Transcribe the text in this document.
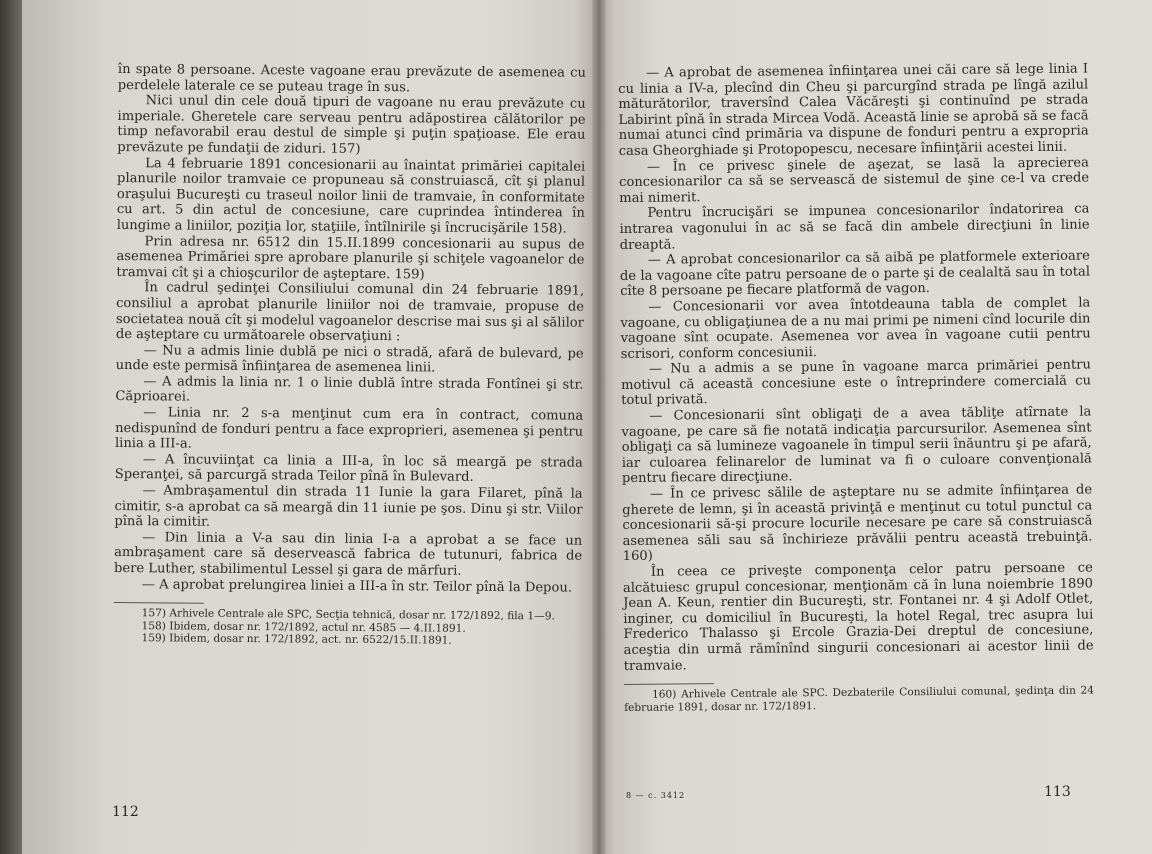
în spate 8 persoane. Aceste vagoane erau prevăzute de asemenea cu perdelele laterale ce se puteau trage în sus.

Nici unul din cele două tipuri de vagoane nu erau prevăzute cu imperiale. Gheretele care serveau pentru adăpostirea călătorilor pe timp nefavorabil erau destul de simple şi puţin spaţioase. Ele erau prevăzute pe fundaţii de ziduri. 157)

La 4 februarie 1891 concesionarii au înaintat primăriei capitalei planurile noilor tramvaie ce propuneau să construiască, cît şi planul oraşului Bucureşti cu traseul noilor linii de tramvaie, în conformitate cu art. 5 din actul de concesiune, care cuprindea întinderea în lungime a liniilor, poziţia lor, staţiile, întîlnirile şi încrucişările 158).

Prin adresa nr. 6512 din 15.II.1899 concesionarii au supus de asemenea Primăriei spre aprobare planurile şi schiţele vagoanelor de tramvai cît şi a chioşcurilor de aşteptare. 159)

În cadrul şedinţei Consiliului comunal din 24 februarie 1891, consiliul a aprobat planurile liniilor noi de tramvaie, propuse de societatea nouă cît şi modelul vagoanelor descrise mai sus şi al sălilor de aşteptare cu următoarele observaţiuni :

— Nu a admis linie dublă pe nici o stradă, afară de bulevard, pe unde este permisă înfiinţarea de asemenea linii.

— A admis la linia nr. 1 o linie dublă între strada Fontînei şi str. Căprioarei.

— Linia nr. 2 s-a menţinut cum era în contract, comuna nedispunînd de fonduri pentru a face exproprieri, asemenea şi pentru linia a III-a.

— A încuviinţat ca linia a III-a, în loc să meargă pe strada Speranţei, să parcurgă strada Teilor pînă în Bulevard.

— Ambraşamentul din strada 11 Iunie la gara Filaret, pînă la cimitir, s-a aprobat ca să meargă din 11 iunie pe şos. Dinu şi str. Viilor pînă la cimitir.

— Din linia a V-a sau din linia I-a a aprobat a se face un ambraşament care să deservească fabrica de tutunuri, fabrica de bere Luther, stabilimentul Lessel şi gara de mărfuri.

— A aprobat prelungirea liniei a III-a în str. Teilor pînă la Depou.

157) Arhivele Centrale ale SPC, Secţia tehnică, dosar nr. 172/1892, fila 1—9.

158) Ibidem, dosar nr. 172/1892, actul nr. 4585 — 4.II.1891.

159) Ibidem, dosar nr. 172/1892, act. nr. 6522/15.II.1891.

112

— A aprobat de asemenea înfiinţarea unei căi care să lege linia I cu linia a IV-a, plecînd din Cheu şi parcurgînd strada pe lîngă azilul măturătorilor, traversînd Calea Văcăreşti şi continuînd pe strada Labirint pînă în strada Mircea Vodă. Această linie se aprobă să se facă numai atunci cînd primăria va dispune de fonduri pentru a expropria casa Gheorghiade şi Protopopescu, necesare înfiinţării acestei linii.

— În ce privesc şinele de aşezat, se lasă la aprecierea concesionarilor ca să se servească de sistemul de şine ce-l va crede mai nimerit.

Pentru încrucişări se impunea concesionarilor îndatorirea ca intrarea vagonului în ac să se facă din ambele direcţiuni în linie dreaptă.

— A aprobat concesionarilor ca să aibă pe platformele exterioare de la vagoane cîte patru persoane de o parte şi de cealaltă sau în total cîte 8 persoane pe fiecare platformă de vagon.

— Concesionarii vor avea întotdeauna tabla de complet la vagoane, cu obligaţiunea de a nu mai primi pe nimeni cînd locurile din vagoane sînt ocupate. Asemenea vor avea în vagoane cutii pentru scrisori, conform concesiunii.

— Nu a admis a se pune în vagoane marca primăriei pentru motivul că această concesiune este o întreprindere comercială cu totul privată.

— Concesionarii sînt obligaţi de a avea tăbliţe atîrnate la vagoane, pe care să fie notată indicaţia parcursurilor. Asemenea sînt obligaţi ca să lumineze vagoanele în timpul serii înăuntru şi pe afară, iar culoarea felinarelor de luminat va fi o culoare convenţională pentru fiecare direcţiune.

— În ce privesc sălile de aşteptare nu se admite înfiinţarea de gherete de lemn, şi în această privinţă e menţinut cu totul punctul ca concesionarii să-şi procure locurile necesare pe care să construiască asemenea săli sau să închirieze prăvălii pentru această trebuinţă. 160)

În ceea ce priveşte componenţa celor patru persoane ce alcătuiesc grupul concesionar, menţionăm că în luna noiembrie 1890 Jean A. Keun, rentier din Bucureşti, str. Fontanei nr. 4 şi Adolf Otlet, inginer, cu domiciliul în Bucureşti, la hotel Regal, trec asupra lui Frederico Thalasso şi Ercole Grazia-Dei dreptul de concesiune, aceştia din urmă rămînînd singurii concesionari ai acestor linii de tramvaie.

160) Arhivele Centrale ale SPC. Dezbaterile Consiliului comunal, şedinţa din 24 februarie 1891, dosar nr. 172/1891.

8 — c. 3412	113
